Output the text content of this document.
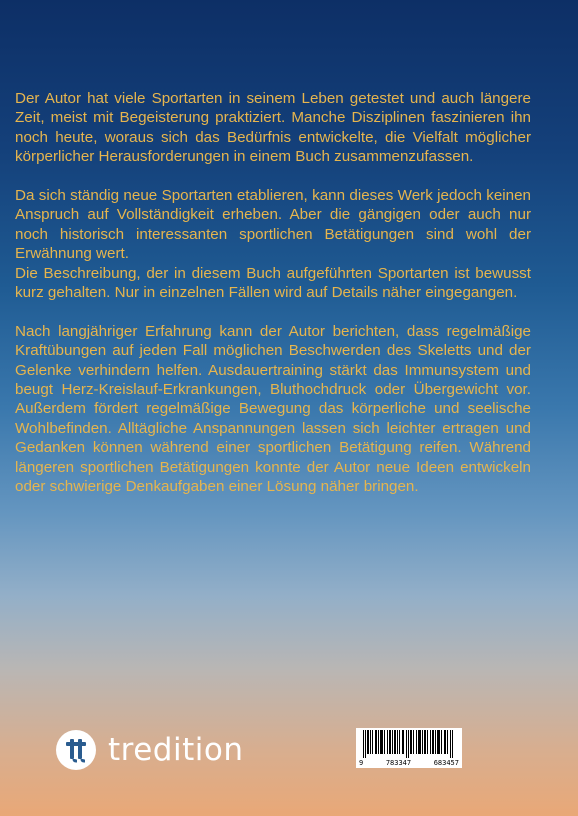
Der Autor hat viele Sportarten in seinem Leben getestet und auch längere Zeit, meist mit Begeisterung praktiziert. Manche Disziplinen faszinieren ihn noch heute, woraus sich das Bedürfnis entwickelte, die Vielfalt möglicher körperlicher Herausforderungen in einem Buch zusammenzufassen.

Da sich ständig neue Sportarten etablieren, kann dieses Werk jedoch keinen Anspruch auf Vollständigkeit erheben. Aber die gängigen oder auch nur noch historisch interessanten sportlichen Betätigungen sind wohl der Erwähnung wert.

Die Beschreibung, der in diesem Buch aufgeführten Sportarten ist bewusst kurz gehalten. Nur in einzelnen Fällen wird auf Details näher eingegangen.

Nach langjähriger Erfahrung kann der Autor berichten, dass regelmäßige Kraftübungen auf jeden Fall möglichen Beschwerden des Skeletts und der Gelenke verhindern helfen. Ausdauertraining stärkt das Immunsystem und beugt Herz-Kreislauf-Erkrankungen, Bluthochdruck oder Übergewicht vor. Außerdem fördert regelmäßige Bewegung das körperliche und seelische Wohlbefinden. Alltägliche Anspannungen lassen sich leichter ertragen und Gedanken können während einer sportlichen Betätigung reifen. Während längeren sportlichen Betätigungen konnte der Autor neue Ideen entwickeln oder schwierige Denkaufgaben einer Lösung näher bringen.

tredition	9	783347	683457
